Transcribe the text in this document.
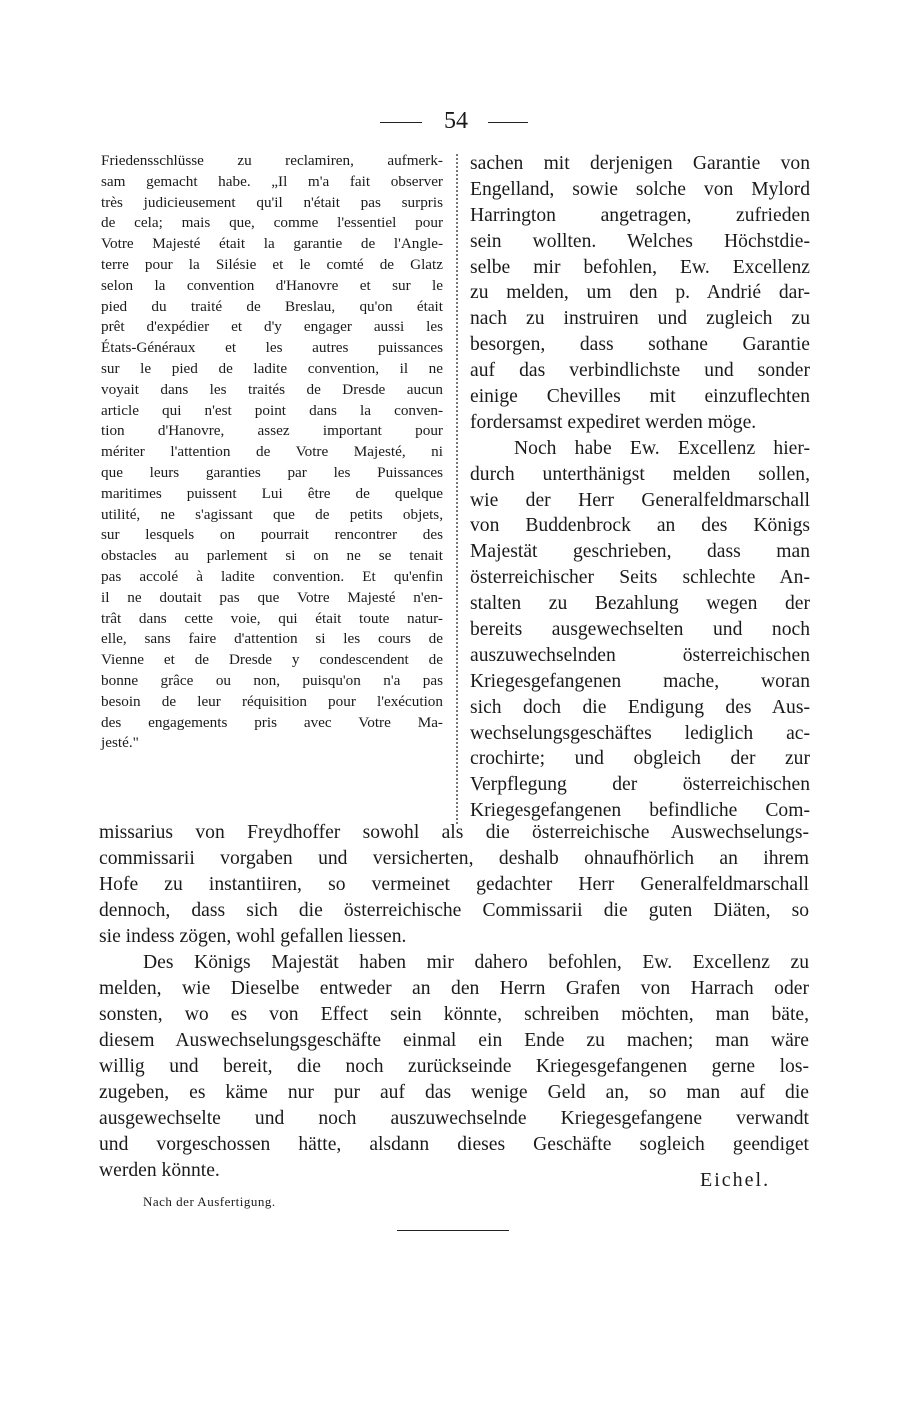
54
Friedensschlüsse zu reclamiren, aufmerk-
sam gemacht habe. „Il m'a fait observer
très judicieusement qu'il n'était pas surpris
de cela; mais que, comme l'essentiel pour
Votre Majesté était la garantie de l'Angle-
terre pour la Silésie et le comté de Glatz
selon la convention d'Hanovre et sur le
pied du traité de Breslau, qu'on était
prêt d'expédier et d'y engager aussi les
États-Généraux et les autres puissances
sur le pied de ladite convention, il ne
voyait dans les traités de Dresde aucun
article qui n'est point dans la conven-
tion d'Hanovre, assez important pour
mériter l'attention de Votre Majesté, ni
que leurs garanties par les Puissances
maritimes puissent Lui être de quelque
utilité, ne s'agissant que de petits objets,
sur lesquels on pourrait rencontrer des
obstacles au parlement si on ne se tenait
pas accolé à ladite convention. Et qu'enfin
il ne doutait pas que Votre Majesté n'en-
trât dans cette voie, qui était toute natur-
elle, sans faire d'attention si les cours de
Vienne et de Dresde y condescendent de
bonne grâce ou non, puisqu'on n'a pas
besoin de leur réquisition pour l'exécution
des engagements pris avec Votre Ma-
jesté."
sachen mit derjenigen Garantie von
Engelland, sowie solche von Mylord
Harrington angetragen, zufrieden
sein wollten. Welches Höchstdie-
selbe mir befohlen, Ew. Excellenz
zu melden, um den p. Andrié dar-
nach zu instruiren und zugleich zu
besorgen, dass sothane Garantie
auf das verbindlichste und sonder
einige Chevilles mit einzuflechten
fordersamst expediret werden möge.
Noch habe Ew. Excellenz hier-
durch unterthänigst melden sollen,
wie der Herr Generalfeldmarschall
von Buddenbrock an des Königs
Majestät geschrieben, dass man
österreichischer Seits schlechte An-
stalten zu Bezahlung wegen der
bereits ausgewechselten und noch
auszuwechselnden österreichischen
Kriegesgefangenen mache, woran
sich doch die Endigung des Aus-
wechselungsgeschäftes lediglich ac-
crochirte; und obgleich der zur
Verpflegung der österreichischen
Kriegesgefangenen befindliche Com-
missarius von Freydhoffer sowohl als die österreichische Auswechselungs-
commissarii vorgaben und versicherten, deshalb ohnaufhörlich an ihrem
Hofe zu instantiiren, so vermeinet gedachter Herr Generalfeldmarschall
dennoch, dass sich die österreichische Commissarii die guten Diäten, so
sie indess zögen, wohl gefallen liessen.
Des Königs Majestät haben mir dahero befohlen, Ew. Excellenz zu
melden, wie Dieselbe entweder an den Herrn Grafen von Harrach oder
sonsten, wo es von Effect sein könnte, schreiben möchten, man bäte,
diesem Auswechselungsgeschäfte einmal ein Ende zu machen; man wäre
willig und bereit, die noch zurückseinde Kriegesgefangenen gerne los-
zugeben, es käme nur pur auf das wenige Geld an, so man auf die
ausgewechselte und noch auszuwechselnde Kriegesgefangene verwandt
und vorgeschossen hätte, alsdann dieses Geschäfte sogleich geendiget
werden könnte.	Eichel.
Nach der Ausfertigung.
